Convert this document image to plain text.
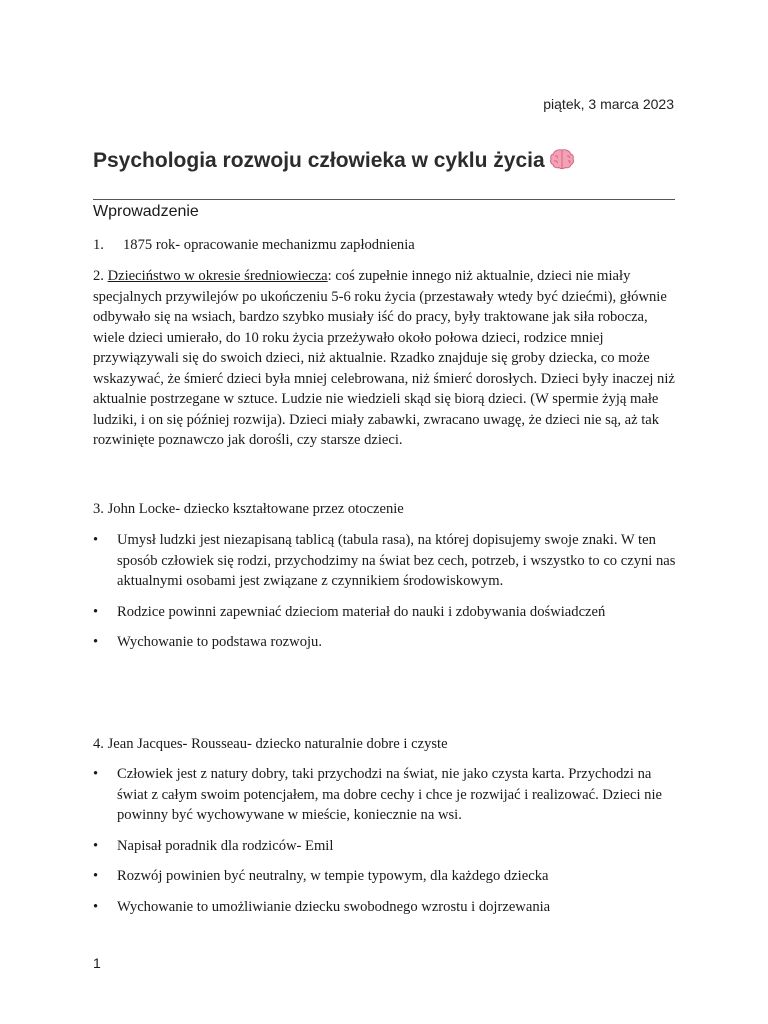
piątek, 3 marca 2023
Psychologia rozwoju człowieka w cyklu życia
Wprowadzenie
1.	1875 rok- opracowanie mechanizmu zapłodnienia
2. Dzieciństwo w okresie średniowiecza: coś zupełnie innego niż aktualnie, dzieci nie miały specjalnych przywilejów po ukończeniu 5-6 roku życia (przestawały wtedy być dziećmi), głównie odbywało się na wsiach, bardzo szybko musiały iść do pracy, były traktowane jak siła robocza, wiele dzieci umierało, do 10 roku życia przeżywało około połowa dzieci, rodzice mniej przywiązywali się do swoich dzieci, niż aktualnie. Rzadko znajduje się groby dziecka, co może wskazywać, że śmierć dzieci była mniej celebrowana, niż śmierć dorosłych. Dzieci były inaczej niż aktualnie postrzegane w sztuce. Ludzie nie wiedzieli skąd się biorą dzieci. (W spermie żyją małe ludziki, i on się później rozwija). Dzieci miały zabawki, zwracano uwagę, że dzieci nie są, aż tak rozwinięte poznawczo jak dorośli, czy starsze dzieci.
3. John Locke- dziecko kształtowane przez otoczenie
• Umysł ludzki jest niezapisaną tablicą (tabula rasa), na której dopisujemy swoje znaki. W ten sposób człowiek się rodzi, przychodzimy na świat bez cech, potrzeb, i wszystko to co czyni nas aktualnymi osobami jest związane z czynnikiem środowiskowym.
• Rodzice powinni zapewniać dzieciom materiał do nauki i zdobywania doświadczeń
• Wychowanie to podstawa rozwoju.
4. Jean Jacques- Rousseau- dziecko naturalnie dobre i czyste
• Człowiek jest z natury dobry, taki przychodzi na świat, nie jako czysta karta. Przychodzi na świat z całym swoim potencjałem, ma dobre cechy i chce je rozwijać i realizować. Dzieci nie powinny być wychowywane w mieście, koniecznie na wsi.
• Napisał poradnik dla rodziców- Emil
• Rozwój powinien być neutralny, w tempie typowym, dla każdego dziecka
• Wychowanie to umożliwianie dziecku swobodnego wzrostu i dojrzewania
1
